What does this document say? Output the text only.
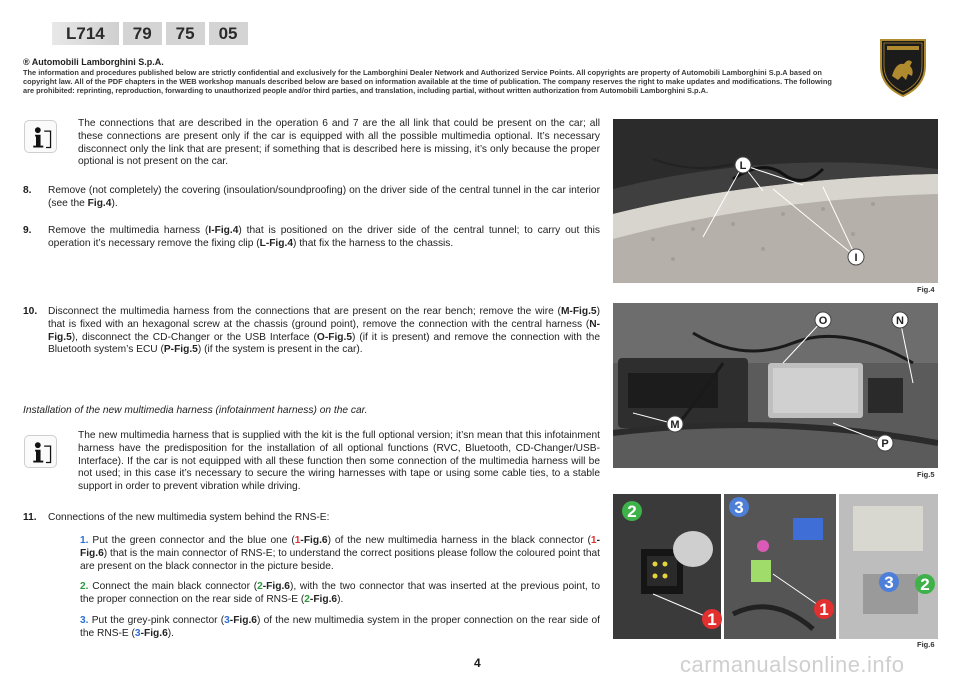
L714	79	75	05
® Automobili Lamborghini S.p.A.
The information and procedures published below are strictly confidential and exclusively for the Lamborghini Dealer Network and Authorized Service Points. All copyrights are property of Automobili Lamborghini S.p.A based on copyright law. All of the PDF chapters in the WEB workshop manuals described below are based on information available at the time of publication. The company reserves the right to make updates and modifications. The following are prohibited: reprinting, reproduction, forwarding to unauthorized people and/or third parties, and translation, including partial, without written authorization from Automobili Lamborghini S.p.A.
The connections that are described in the operation 6 and 7 are the all link that could be present on the car; all these connections are present only if the car is equipped with all the possible multimedia optional. It’s necessary disconnect only the link that are present; if something that is described here is missing, it’s only because the proper optional is not present on the car.
8. Remove (not completely) the covering (insoulation/soundproofing) on the driver side of the central tunnel in the car interior (see the Fig.4).
9. Remove the multimedia harness (I-Fig.4) that is positioned on the driver side of the central tunnel; to carry out this operation it’s necessary remove the fixing clip (L-Fig.4) that fix the harness to the chassis.
10. Disconnect the multimedia harness from the connections that are present on the rear bench; remove the wire (M-Fig.5) that is fixed with an hexagonal screw at the chassis (ground point), remove the connection with the central harness (N-Fig.5), disconnect the CD-Changer or the USB Interface (O-Fig.5) (if it is present) and remove the connection with the Bluetooth system’s ECU (P-Fig.5) (if the system is present in the car).
Installation of the new multimedia harness (infotainment harness) on the car.
The new multimedia harness that is supplied with the kit is the full optional version; it’sn mean that this infotainment harness have the predisposition for the installation of all optional functions (RVC, Bluetooth, CD-Changer/USB-Interface). If the car is not equipped with all these function then some connection of the multimedia harness will be not used; in this case it’s necessary to secure the wiring harnesses with tape or using some cable ties, to a stable support in order to prevent vibration while driving.
11. Connections of the new multimedia system behind the RNS-E:
1. Put the green connector and the blue one (1-Fig.6) of the new multimedia harness in the black connector (1-Fig.6) that is the main connector of RNS-E; to understand the correct positions please follow the coloured point that are present on the black connector in the picture beside.
2. Connect the main black connector (2-Fig.6), with the two connector that was inserted at the previous point, to the proper connection on the rear side of RNS-E (2-Fig.6).
3. Put the grey-pink connector (3-Fig.6) of the new multimedia system in the proper connection on the rear side of the RNS-E (3-Fig.6).
L
I
Fig.4
O	N
M
P
Fig.5
2	3
1
1
3 2
Fig.6
4	carmanualsonline.info
